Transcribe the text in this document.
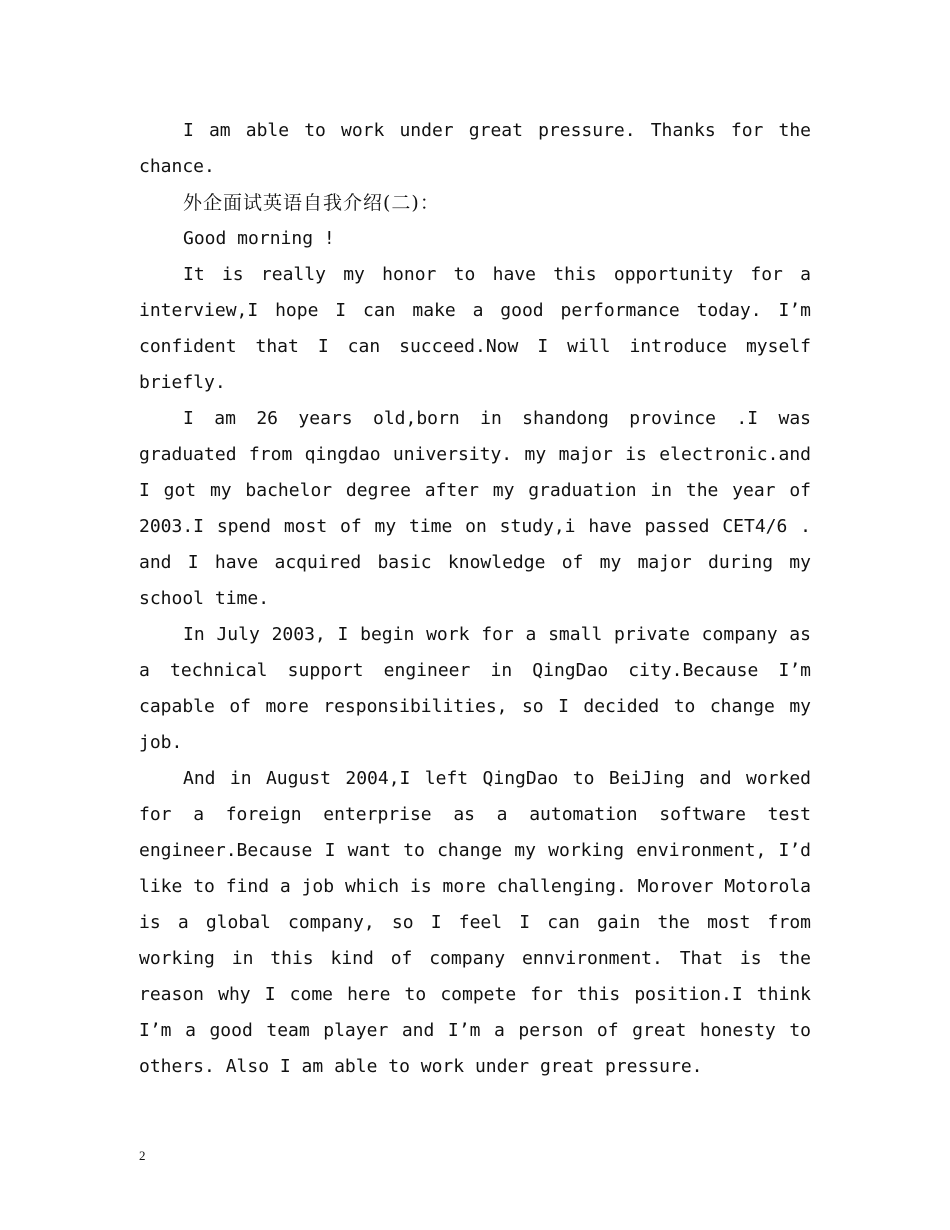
I am able to work under great pressure. Thanks for the chance.

外企面试英语自我介绍(二)：

Good morning !

It is really my honor to have this opportunity for a interview,I hope I can make a good performance today. I’m confident that I can succeed.Now I will introduce myself briefly.

I am 26 years old,born in shandong province .I was graduated from qingdao university. my major is electronic.and I got my bachelor degree after my graduation in the year of 2003.I spend most of my time on study,i have passed CET4/6 . and I have acquired basic knowledge of my major during my school time.

In July 2003, I begin work for a small private company as a technical support engineer in QingDao city.Because I’m capable of more responsibilities, so I decided to change my job.

And in August 2004,I left QingDao to BeiJing and worked for a foreign enterprise as a automation software test engineer.Because I want to change my working environment, I’d like to find a job which is more challenging. Morover Motorola is a global company, so I feel I can gain the most from working in this kind of company ennvironment. That is the reason why I come here to compete for this position.I think I’m a good team player and I’m a person of great honesty to others. Also I am able to work under great pressure.

2
